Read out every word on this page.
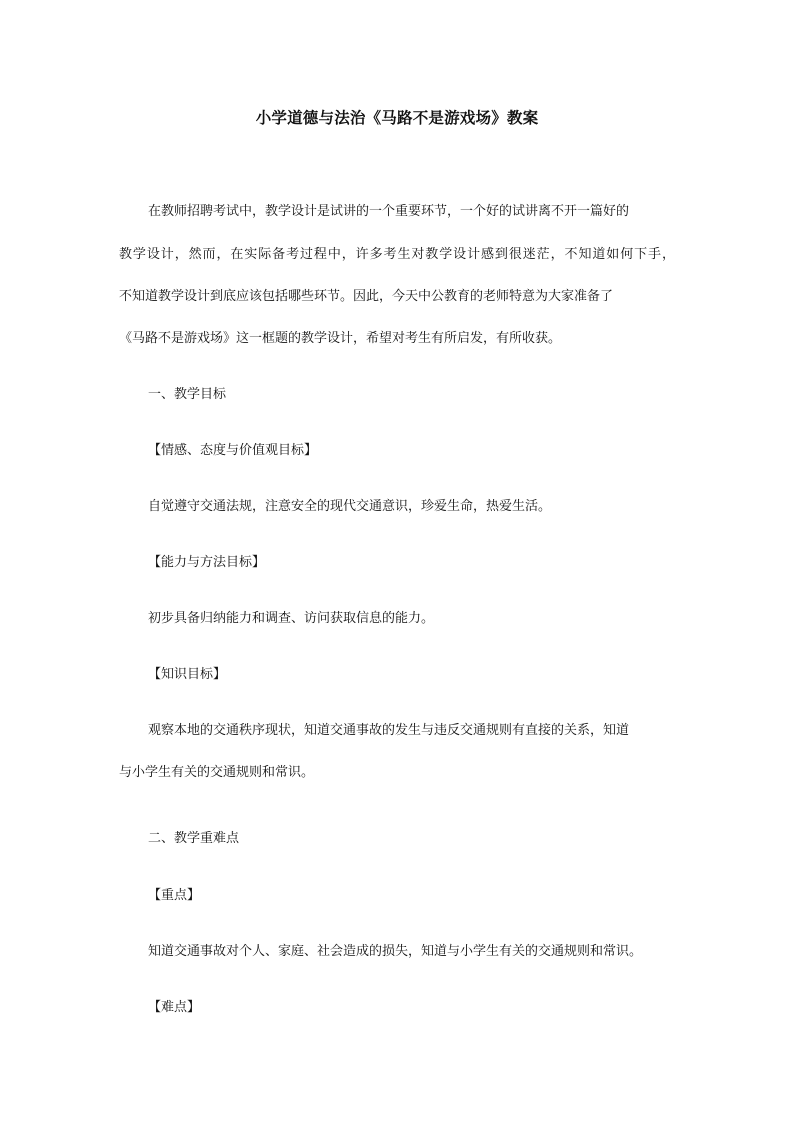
小学道德与法治《马路不是游戏场》教案
在教师招聘考试中，教学设计是试讲的一个重要环节，一个好的试讲离不开一篇好的
教学设计，然而，在实际备考过程中，许多考生对教学设计感到很迷茫，不知道如何下手，
不知道教学设计到底应该包括哪些环节。因此，今天中公教育的老师特意为大家准备了
《马路不是游戏场》这一框题的教学设计，希望对考生有所启发，有所收获。
一、教学目标
【情感、态度与价值观目标】
自觉遵守交通法规，注意安全的现代交通意识，珍爱生命，热爱生活。
【能力与方法目标】
初步具备归纳能力和调查、访问获取信息的能力。
【知识目标】
观察本地的交通秩序现状，知道交通事故的发生与违反交通规则有直接的关系，知道
与小学生有关的交通规则和常识。
二、教学重难点
【重点】
知道交通事故对个人、家庭、社会造成的损失，知道与小学生有关的交通规则和常识。
【难点】
